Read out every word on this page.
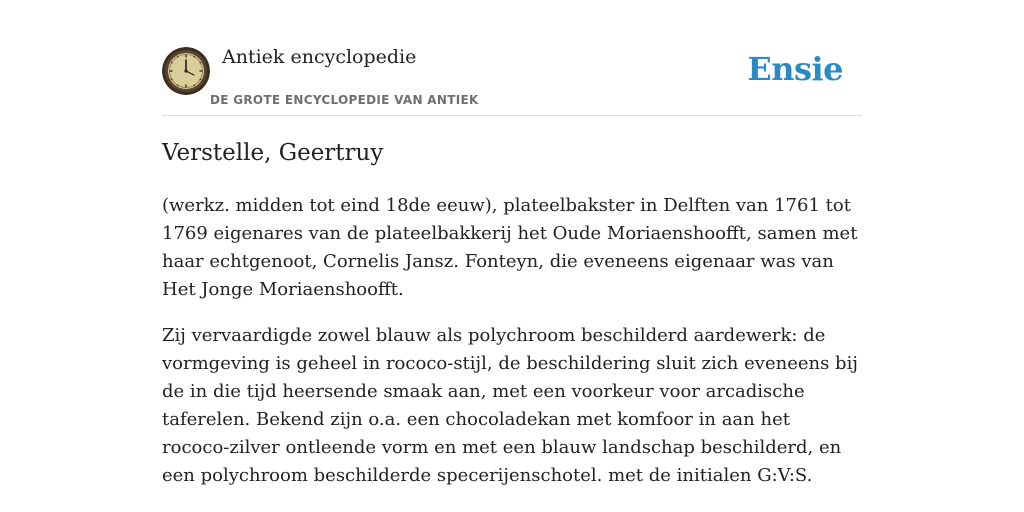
Antiek encyclopedie
DE GROTE ENCYCLOPEDIE VAN ANTIEK
Ensie
Verstelle, Geertruy

(werkz. midden tot eind 18de eeuw), plateelbakster in Delften van 1761 tot 1769 eigenares van de plateelbakkerij het Oude Moriaenshoofft, samen met haar echtgenoot, Cornelis Jansz. Fonteyn, die eveneens eigenaar was van Het Jonge Moriaenshoofft.

Zij vervaardigde zowel blauw als polychroom beschilderd aardewerk: de vormgeving is geheel in rococo-stijl, de beschildering sluit zich eveneens bij de in die tijd heersende smaak aan, met een voorkeur voor arcadische taferelen. Bekend zijn o.a. een chocoladekan met komfoor in aan het rococo-zilver ontleende vorm en met een blauw landschap beschilderd, en een polychroom beschilderde specerijenschotel. met de initialen G:V:S.
